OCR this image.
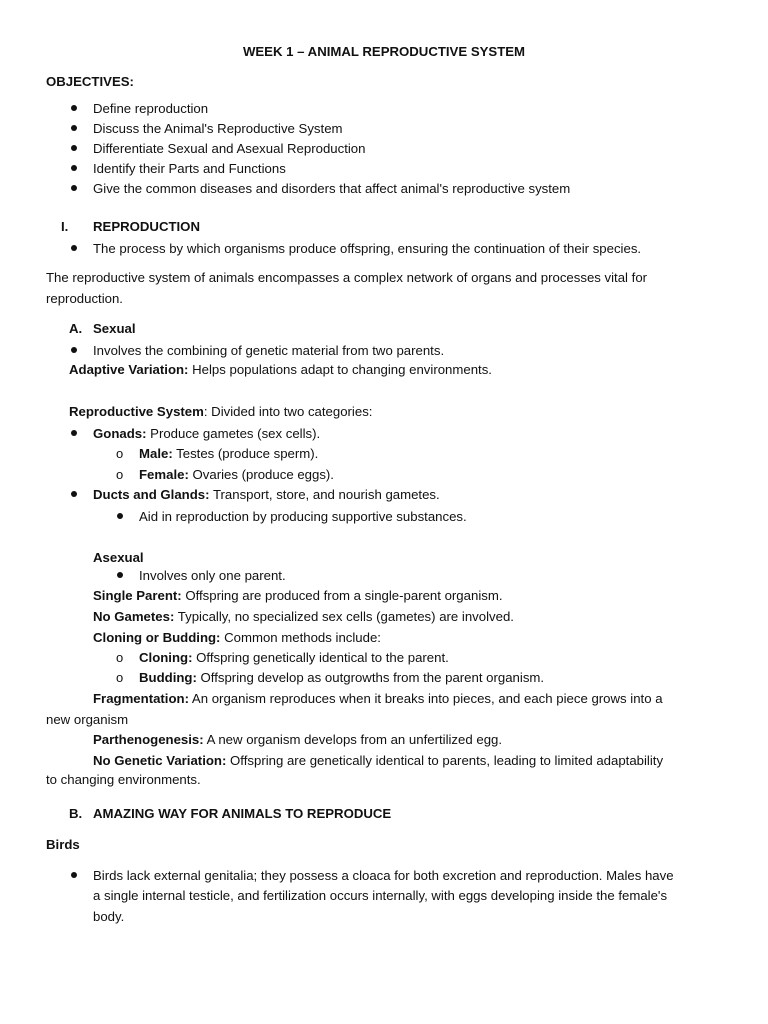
WEEK 1 – ANIMAL REPRODUCTIVE SYSTEM
OBJECTIVES:
Define reproduction
Discuss the Animal's Reproductive System
Differentiate Sexual and Asexual Reproduction
Identify their Parts and Functions
Give the common diseases and disorders that affect animal's reproductive system
I. REPRODUCTION
The process by which organisms produce offspring, ensuring the continuation of their species.
The reproductive system of animals encompasses a complex network of organs and processes vital for
reproduction.
A. Sexual
Involves the combining of genetic material from two parents.
Adaptive Variation: Helps populations adapt to changing environments.
Reproductive System: Divided into two categories:
Gonads: Produce gametes (sex cells).
o Male: Testes (produce sperm).
o Female: Ovaries (produce eggs).
Ducts and Glands: Transport, store, and nourish gametes.
Aid in reproduction by producing supportive substances.
Asexual
Involves only one parent.
Single Parent: Offspring are produced from a single-parent organism.
No Gametes: Typically, no specialized sex cells (gametes) are involved.
Cloning or Budding: Common methods include:
o Cloning: Offspring genetically identical to the parent.
o Budding: Offspring develop as outgrowths from the parent organism.
Fragmentation: An organism reproduces when it breaks into pieces, and each piece grows into a
new organism
Parthenogenesis: A new organism develops from an unfertilized egg.
No Genetic Variation: Offspring are genetically identical to parents, leading to limited adaptability
to changing environments.
B. AMAZING WAY FOR ANIMALS TO REPRODUCE
Birds
Birds lack external genitalia; they possess a cloaca for both excretion and reproduction. Males have
a single internal testicle, and fertilization occurs internally, with eggs developing inside the female's
body.
